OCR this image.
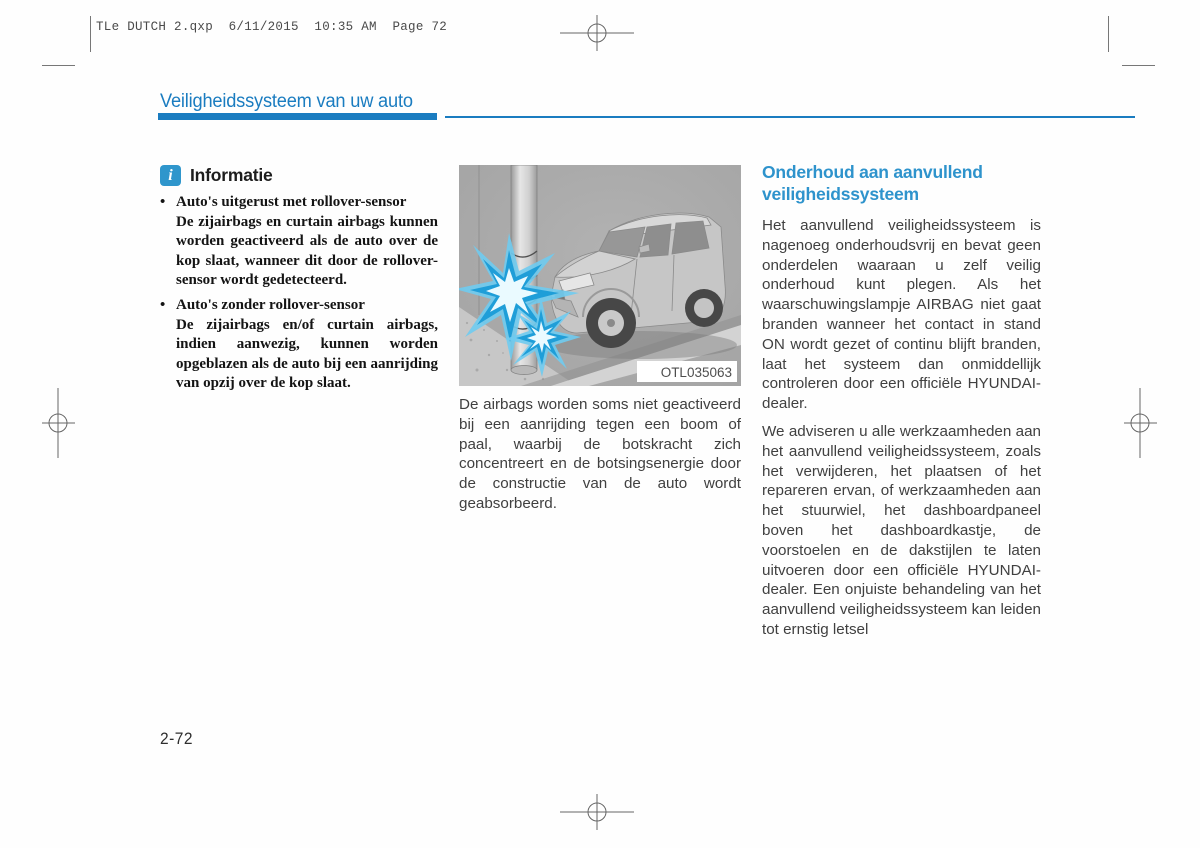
TLe DUTCH 2.qxp  6/11/2015  10:35 AM  Page 72
Veiligheidssysteem van uw auto
i Informatie
• Auto's uitgerust met rollover-sensor
De zijairbags en curtain airbags kunnen worden geactiveerd als de auto over de kop slaat, wanneer dit door de rollover-sensor wordt gedetecteerd.
• Auto's zonder rollover-sensor
De zijairbags en/of curtain airbags, indien aanwezig, kunnen worden opgeblazen als de auto bij een aanrijding van opzij over de kop slaat.
OTL035063
De airbags worden soms niet geactiveerd bij een aanrijding tegen een boom of paal, waarbij de botskracht zich concentreert en de botsingsenergie door de constructie van de auto wordt geabsorbeerd.
Onderhoud aan aanvullend veiligheidssysteem
Het aanvullend veiligheidssysteem is nagenoeg onderhoudsvrij en bevat geen onderdelen waaraan u zelf veilig onderhoud kunt plegen. Als het waarschuwingslampje AIRBAG niet gaat branden wanneer het contact in stand ON wordt gezet of continu blijft branden, laat het systeem dan onmiddellijk controleren door een officiële HYUNDAI-dealer.
We adviseren u alle werkzaamheden aan het aanvullend veiligheidssysteem, zoals het verwijderen, het plaatsen of het repareren ervan, of werkzaamheden aan het stuurwiel, het dashboardpaneel boven het dashboardkastje, de voorstoelen en de dakstijlen te laten uitvoeren door een officiële HYUNDAI-dealer. Een onjuiste behandeling van het aanvullend veiligheidssysteem kan leiden tot ernstig letsel
2-72
